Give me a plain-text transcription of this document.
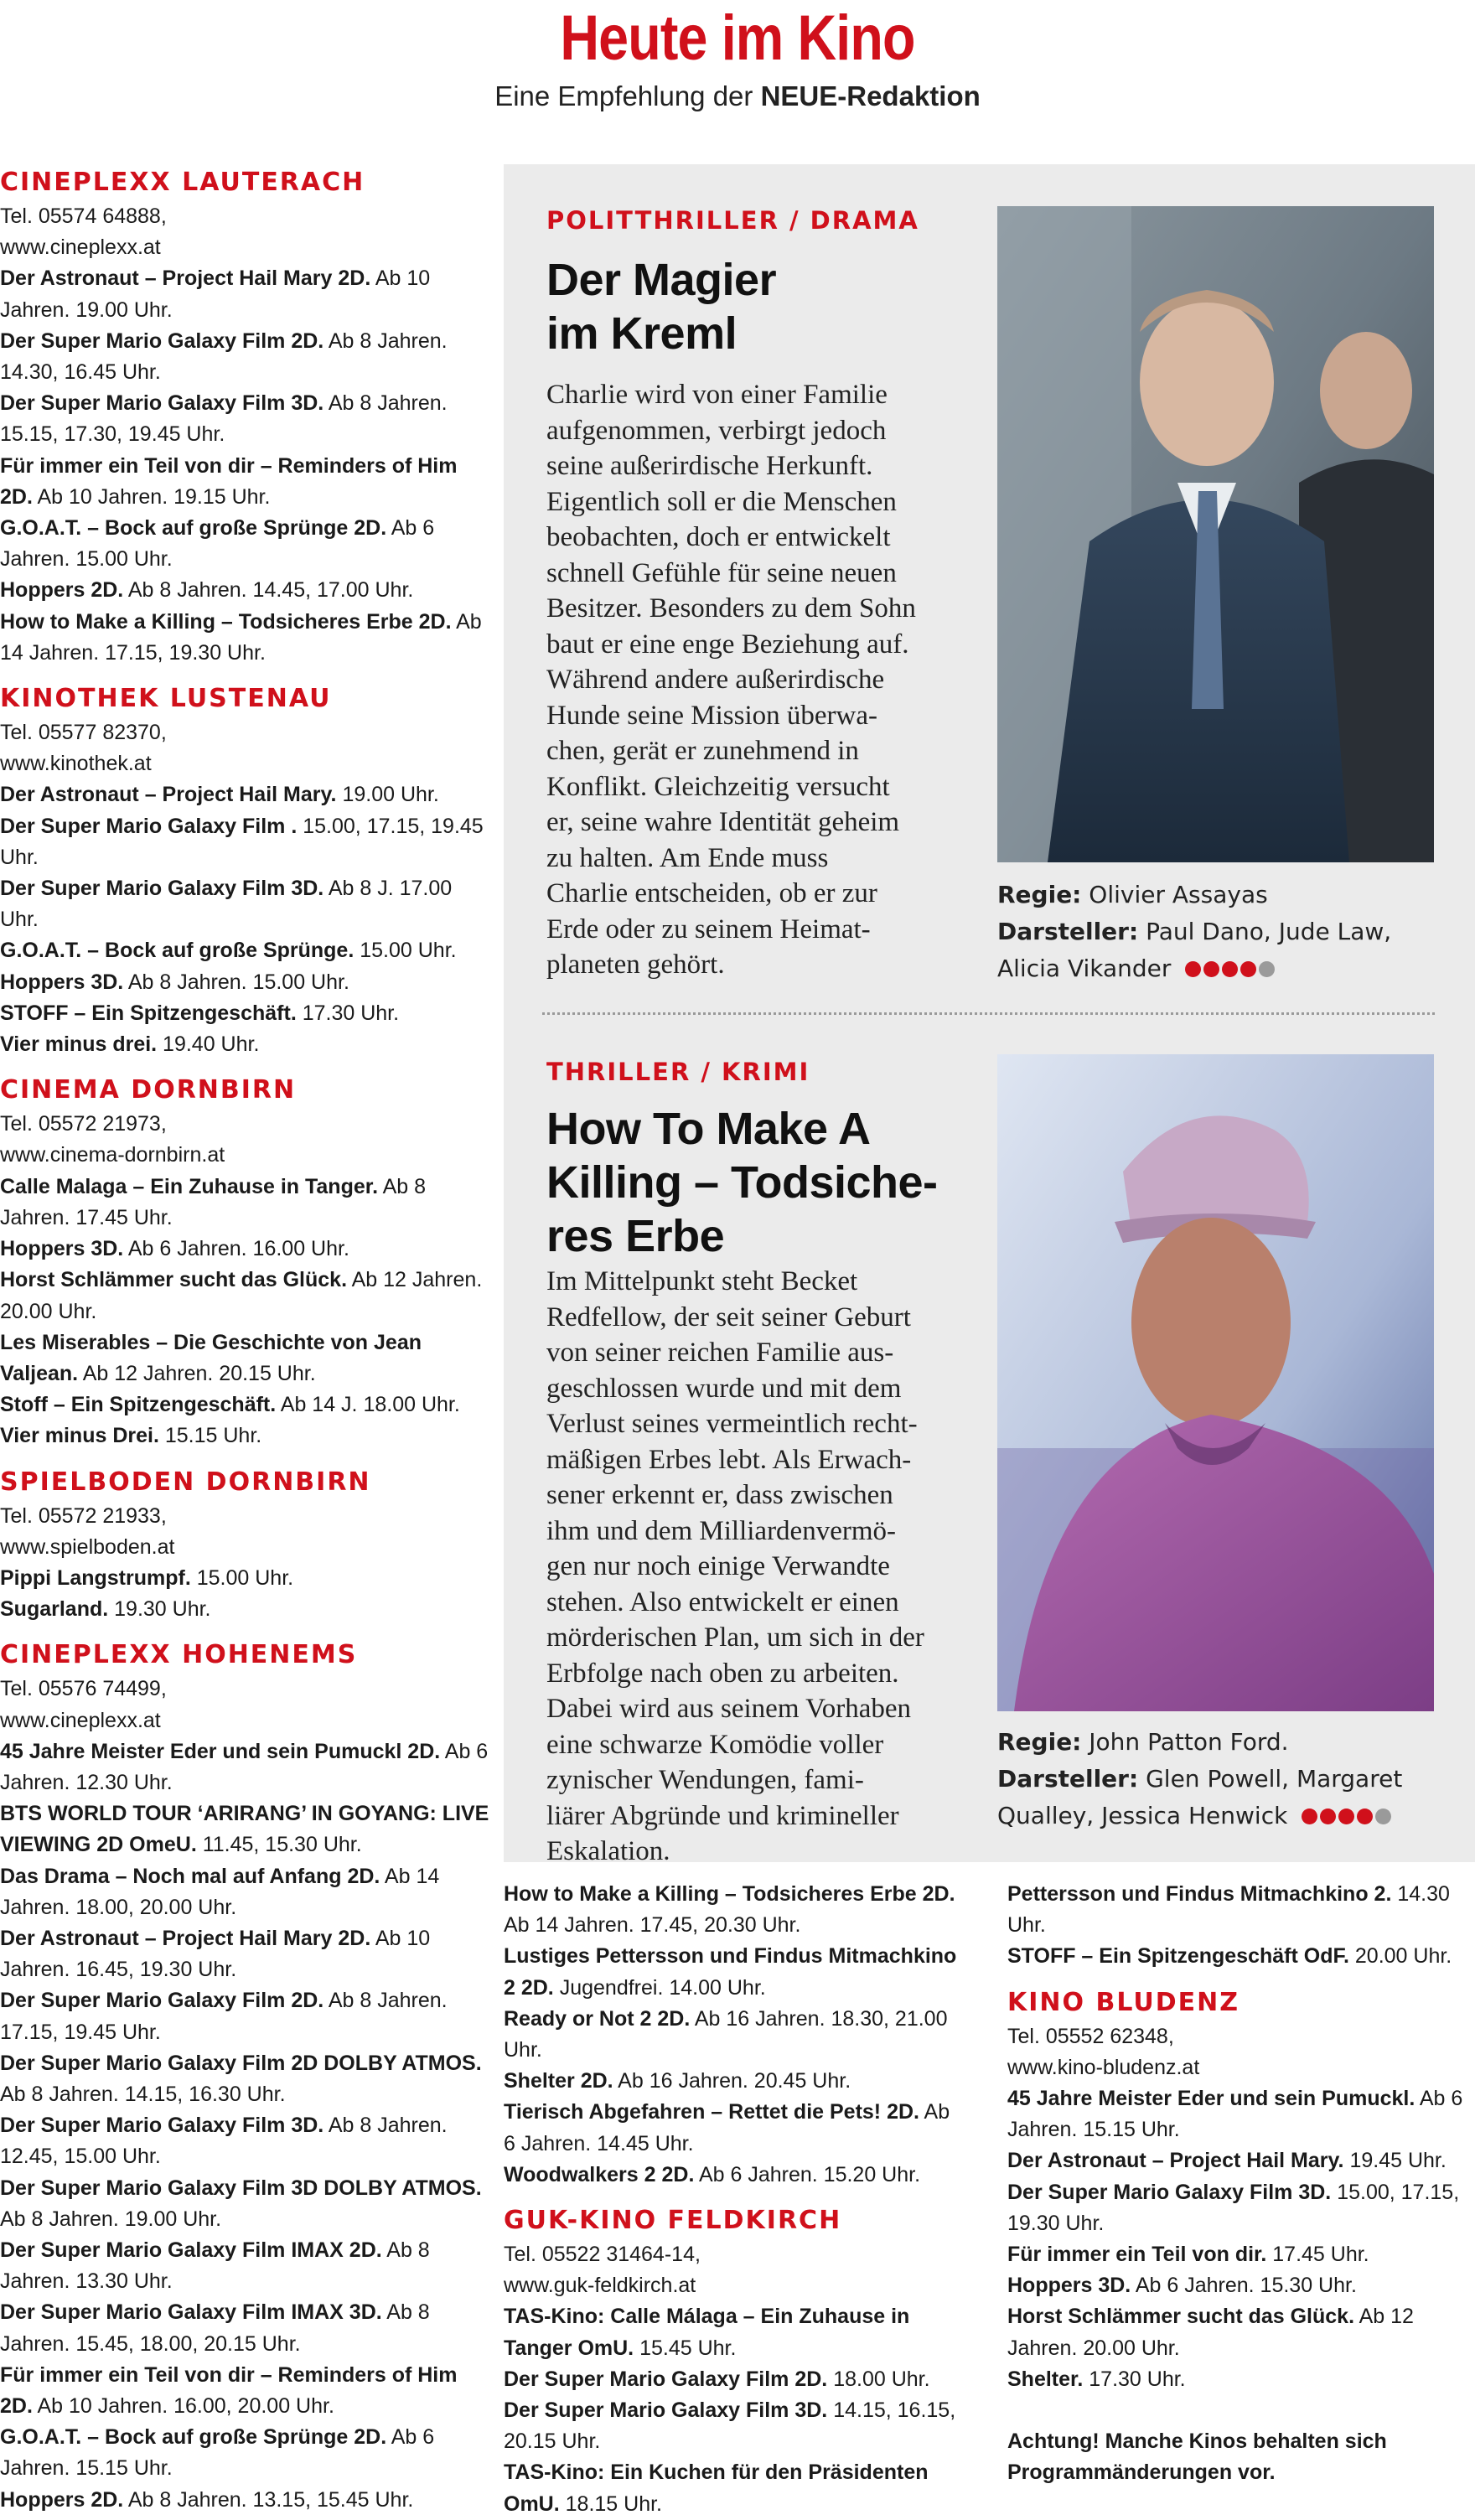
Heute im Kino
Eine Empfehlung der NEUE-Redaktion
CINEPLEXX LAUTERACH
Tel. 05574 64888,
www.cineplexx.at
Der Astronaut – Project Hail Mary 2D. Ab 10 Jahren. 19.00 Uhr.
Der Super Mario Galaxy Film 2D. Ab 8 Jahren. 14.30, 16.45 Uhr.
Der Super Mario Galaxy Film 3D. Ab 8 Jahren. 15.15, 17.30, 19.45 Uhr.
Für immer ein Teil von dir – Reminders of Him 2D. Ab 10 Jahren. 19.15 Uhr.
G.O.A.T. – Bock auf große Sprünge 2D. Ab 6 Jahren. 15.00 Uhr.
Hoppers 2D. Ab 8 Jahren. 14.45, 17.00 Uhr.
How to Make a Killing – Todsicheres Erbe 2D. Ab 14 Jahren. 17.15, 19.30 Uhr.
KINOTHEK LUSTENAU
Tel. 05577 82370,
www.kinothek.at
Der Astronaut – Project Hail Mary. 19.00 Uhr.
Der Super Mario Galaxy Film . 15.00, 17.15, 19.45 Uhr.
Der Super Mario Galaxy Film 3D. Ab 8 J. 17.00 Uhr.
G.O.A.T. – Bock auf große Sprünge. 15.00 Uhr.
Hoppers 3D. Ab 8 Jahren. 15.00 Uhr.
STOFF – Ein Spitzengeschäft. 17.30 Uhr.
Vier minus drei. 19.40 Uhr.
CINEMA DORNBIRN
Tel. 05572 21973,
www.cinema-dornbirn.at
Calle Malaga – Ein Zuhause in Tanger. Ab 8 Jahren. 17.45 Uhr.
Hoppers 3D. Ab 6 Jahren. 16.00 Uhr.
Horst Schlämmer sucht das Glück. Ab 12 Jahren. 20.00 Uhr.
Les Miserables – Die Geschichte von Jean Valjean. Ab 12 Jahren. 20.15 Uhr.
Stoff – Ein Spitzengeschäft. Ab 14 J. 18.00 Uhr.
Vier minus Drei. 15.15 Uhr.
SPIELBODEN DORNBIRN
Tel. 05572 21933,
www.spielboden.at
Pippi Langstrumpf. 15.00 Uhr.
Sugarland. 19.30 Uhr.
CINEPLEXX HOHENEMS
Tel. 05576 74499,
www.cineplexx.at
45 Jahre Meister Eder und sein Pumuckl 2D. Ab 6 Jahren. 12.30 Uhr.
BTS WORLD TOUR ‘ARIRANG’ IN GOYANG: LIVE VIEWING 2D OmeU. 11.45, 15.30 Uhr.
Das Drama – Noch mal auf Anfang 2D. Ab 14 Jahren. 18.00, 20.00 Uhr.
Der Astronaut – Project Hail Mary 2D. Ab 10 Jahren. 16.45, 19.30 Uhr.
Der Super Mario Galaxy Film 2D. Ab 8 Jahren. 17.15, 19.45 Uhr.
Der Super Mario Galaxy Film 2D DOLBY ATMOS. Ab 8 Jahren. 14.15, 16.30 Uhr.
Der Super Mario Galaxy Film 3D. Ab 8 Jahren. 12.45, 15.00 Uhr.
Der Super Mario Galaxy Film 3D DOLBY ATMOS. Ab 8 Jahren. 19.00 Uhr.
Der Super Mario Galaxy Film IMAX 2D. Ab 8 Jahren. 13.30 Uhr.
Der Super Mario Galaxy Film IMAX 3D. Ab 8 Jahren. 15.45, 18.00, 20.15 Uhr.
Für immer ein Teil von dir – Reminders of Him 2D. Ab 10 Jahren. 16.00, 20.00 Uhr.
G.O.A.T. – Bock auf große Sprünge 2D. Ab 6 Jahren. 15.15 Uhr.
Hoppers 2D. Ab 8 Jahren. 13.15, 15.45 Uhr.
POLITTHRILLER / DRAMA
Der Magier
im Kreml
Charlie wird von einer Familie
aufgenommen, verbirgt jedoch
seine außerirdische Herkunft.
Eigentlich soll er die Menschen
beobachten, doch er entwickelt
schnell Gefühle für seine neuen
Besitzer. Besonders zu dem Sohn
baut er eine enge Beziehung auf.
Während andere außerirdische
Hunde seine Mission überwa-
chen, gerät er zunehmend in
Konflikt. Gleichzeitig versucht
er, seine wahre Identität geheim
zu halten. Am Ende muss
Charlie entscheiden, ob er zur
Erde oder zu seinem Heimat-
planeten gehört.
Regie: Olivier Assayas
Darsteller: Paul Dano, Jude Law,
Alicia Vikander
THRILLER / KRIMI
How To Make A
Killing – Todsiche-
res Erbe
Im Mittelpunkt steht Becket
Redfellow, der seit seiner Geburt
von seiner reichen Familie aus-
geschlossen wurde und mit dem
Verlust seines vermeintlich recht-
mäßigen Erbes lebt. Als Erwach-
sener erkennt er, dass zwischen
ihm und dem Milliardenvermö-
gen nur noch einige Verwandte
stehen. Also entwickelt er einen
mörderischen Plan, um sich in der
Erbfolge nach oben zu arbeiten.
Dabei wird aus seinem Vorhaben
eine schwarze Komödie voller
zynischer Wendungen, fami-
liärer Abgründe und krimineller
Eskalation.
Regie: John Patton Ford.
Darsteller: Glen Powell, Margaret
Qualley, Jessica Henwick
How to Make a Killing – Todsicheres Erbe 2D. Ab 14 Jahren. 17.45, 20.30 Uhr.
Lustiges Pettersson und Findus Mitmachkino 2 2D. Jugendfrei. 14.00 Uhr.
Ready or Not 2 2D. Ab 16 Jahren. 18.30, 21.00 Uhr.
Shelter 2D. Ab 16 Jahren. 20.45 Uhr.
Tierisch Abgefahren – Rettet die Pets! 2D. Ab 6 Jahren. 14.45 Uhr.
Woodwalkers 2 2D. Ab 6 Jahren. 15.20 Uhr.
GUK-KINO FELDKIRCH
Tel. 05522 31464-14,
www.guk-feldkirch.at
TAS-Kino: Calle Málaga – Ein Zuhause in Tanger OmU. 15.45 Uhr.
Der Super Mario Galaxy Film 2D. 18.00 Uhr.
Der Super Mario Galaxy Film 3D. 14.15, 16.15, 20.15 Uhr.
TAS-Kino: Ein Kuchen für den Präsidenten OmU. 18.15 Uhr.
Pettersson und Findus Mitmachkino 2. 14.30 Uhr.
STOFF – Ein Spitzengeschäft OdF. 20.00 Uhr.
KINO BLUDENZ
Tel. 05552 62348,
www.kino-bludenz.at
45 Jahre Meister Eder und sein Pumuckl. Ab 6 Jahren. 15.15 Uhr.
Der Astronaut – Project Hail Mary. 19.45 Uhr.
Der Super Mario Galaxy Film 3D. 15.00, 17.15, 19.30 Uhr.
Für immer ein Teil von dir. 17.45 Uhr.
Hoppers 3D. Ab 6 Jahren. 15.30 Uhr.
Horst Schlämmer sucht das Glück. Ab 12 Jahren. 20.00 Uhr.
Shelter. 17.30 Uhr.
Achtung! Manche Kinos behalten sich Programmänderungen vor.
